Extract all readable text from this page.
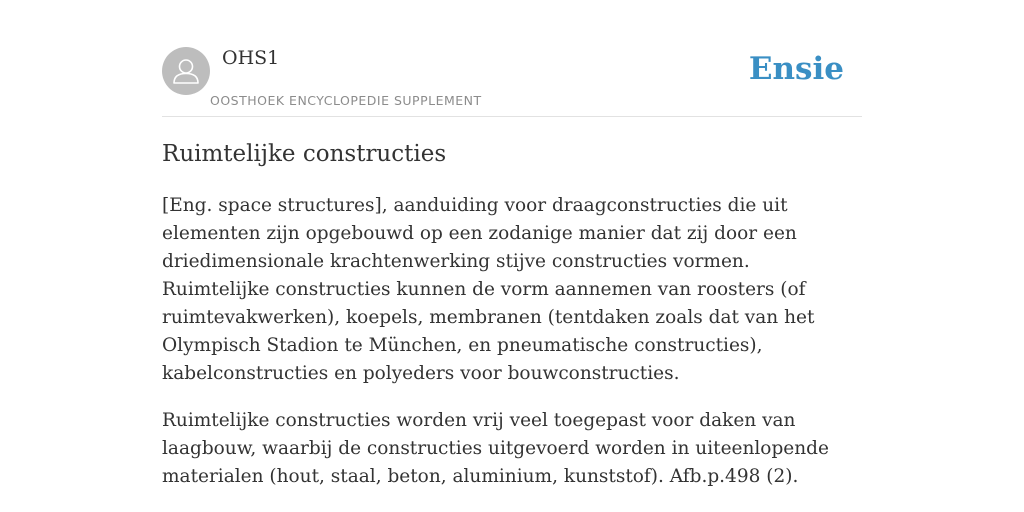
OHS1
OOSTHOEK ENCYCLOPEDIE SUPPLEMENT
Ensie
Ruimtelijke constructies

[Eng. space structures], aanduiding voor draagconstructies die uit elementen zijn opgebouwd op een zodanige manier dat zij door een driedimensionale krachtenwerking stijve constructies vormen. Ruimtelijke constructies kunnen de vorm aannemen van roosters (of ruimtevakwerken), koepels, membranen (tentdaken zoals dat van het Olympisch Stadion te München, en pneumatische constructies), kabelconstructies en polyeders voor bouwconstructies.

Ruimtelijke constructies worden vrij veel toegepast voor daken van laagbouw, waarbij de constructies uitgevoerd worden in uiteenlopende materialen (hout, staal, beton, aluminium, kunststof). Afb.p.498 (2).
